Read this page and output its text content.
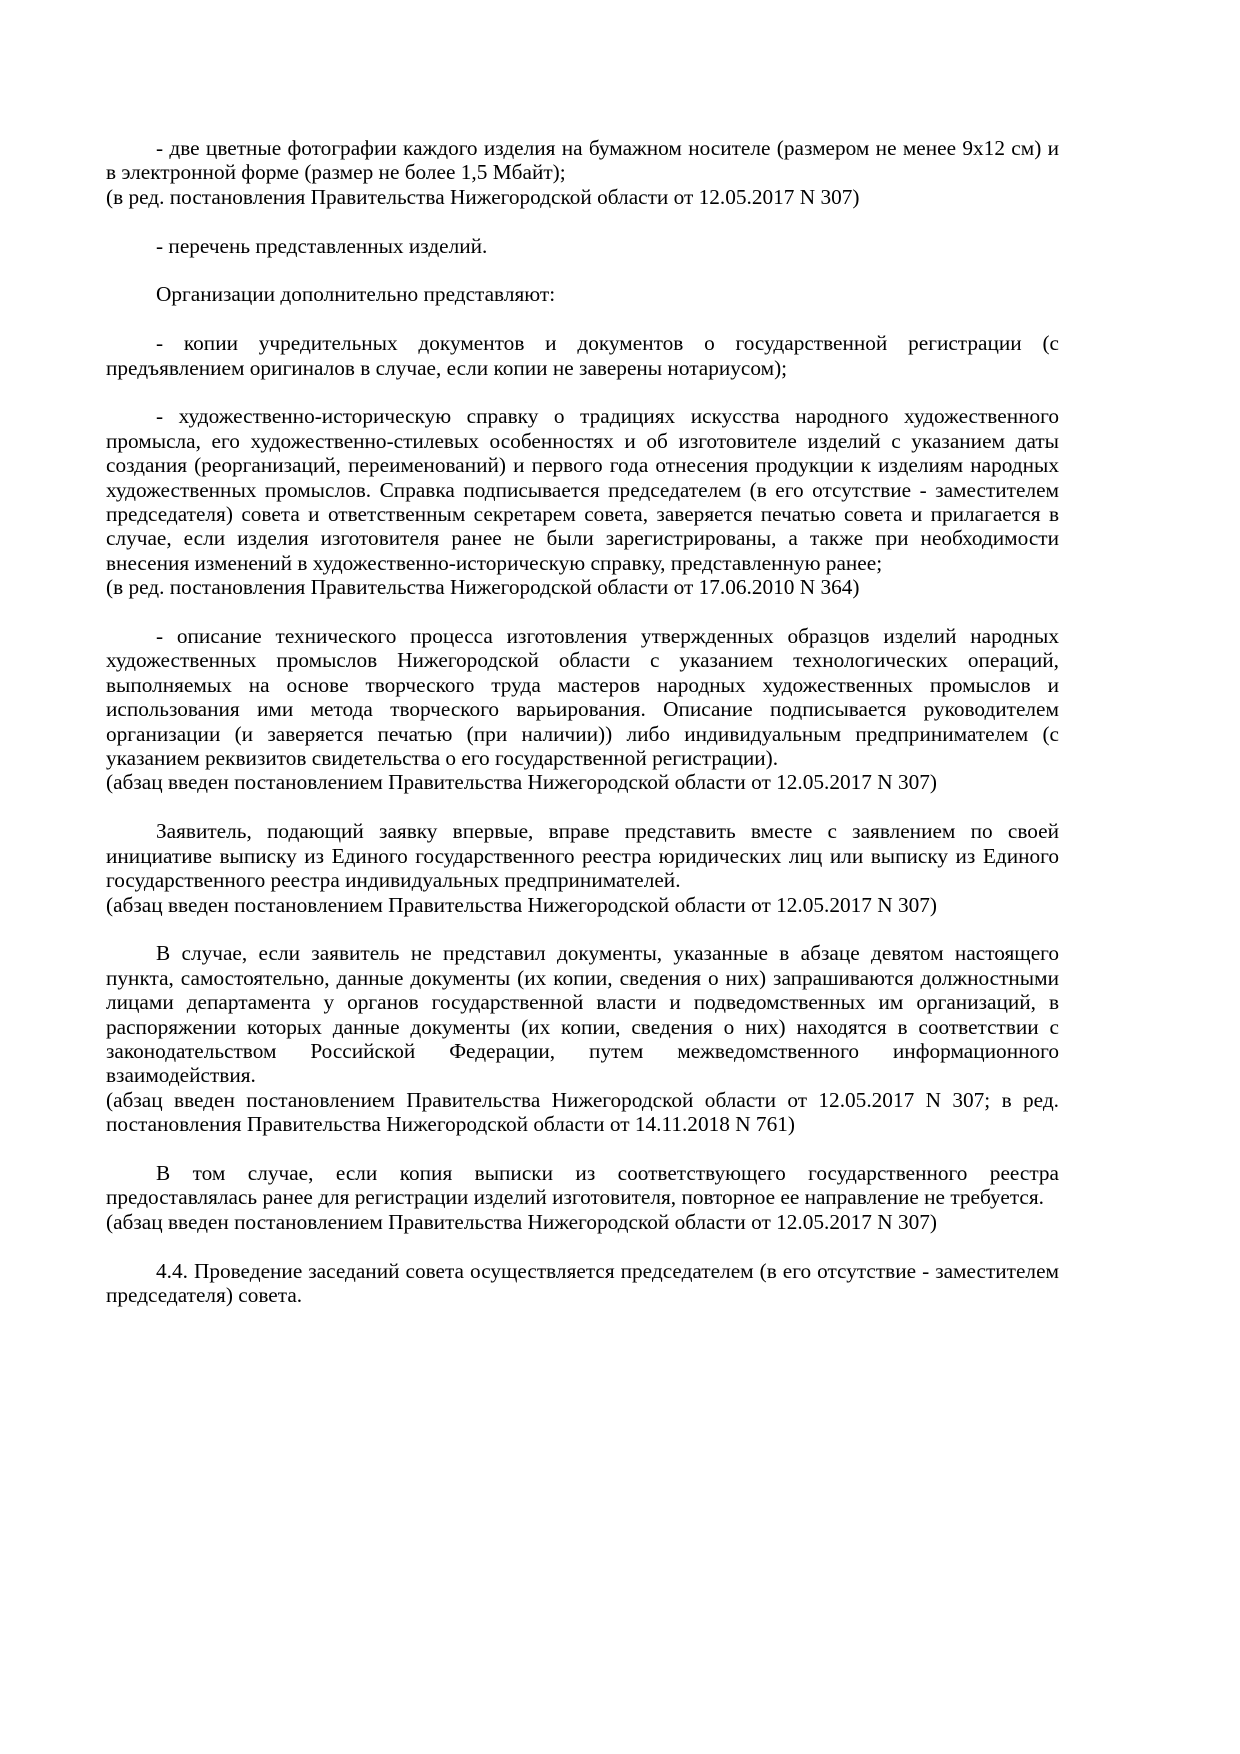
- две цветные фотографии каждого изделия на бумажном носителе (размером не менее 9x12 см) и в электронной форме (размер не более 1,5 Мбайт);

(в ред. постановления Правительства Нижегородской области от 12.05.2017 N 307)

- перечень представленных изделий.

Организации дополнительно представляют:

- копии учредительных документов и документов о государственной регистрации (с предъявлением оригиналов в случае, если копии не заверены нотариусом);

- художественно-историческую справку о традициях искусства народного художественного промысла, его художественно-стилевых особенностях и об изготовителе изделий с указанием даты создания (реорганизаций, переименований) и первого года отнесения продукции к изделиям народных художественных промыслов. Справка подписывается председателем (в его отсутствие - заместителем председателя) совета и ответственным секретарем совета, заверяется печатью совета и прилагается в случае, если изделия изготовителя ранее не были зарегистрированы, а также при необходимости внесения изменений в художественно-историческую справку, представленную ранее;

(в ред. постановления Правительства Нижегородской области от 17.06.2010 N 364)

- описание технического процесса изготовления утвержденных образцов изделий народных художественных промыслов Нижегородской области с указанием технологических операций, выполняемых на основе творческого труда мастеров народных художественных промыслов и использования ими метода творческого варьирования. Описание подписывается руководителем организации (и заверяется печатью (при наличии)) либо индивидуальным предпринимателем (с указанием реквизитов свидетельства о его государственной регистрации).

(абзац введен постановлением Правительства Нижегородской области от 12.05.2017 N 307)

Заявитель, подающий заявку впервые, вправе представить вместе с заявлением по своей инициативе выписку из Единого государственного реестра юридических лиц или выписку из Единого государственного реестра индивидуальных предпринимателей.

(абзац введен постановлением Правительства Нижегородской области от 12.05.2017 N 307)

В случае, если заявитель не представил документы, указанные в абзаце девятом настоящего пункта, самостоятельно, данные документы (их копии, сведения о них) запрашиваются должностными лицами департамента у органов государственной власти и подведомственных им организаций, в распоряжении которых данные документы (их копии, сведения о них) находятся в соответствии с законодательством Российской Федерации, путем межведомственного информационного взаимодействия.

(абзац введен постановлением Правительства Нижегородской области от 12.05.2017 N 307; в ред. постановления Правительства Нижегородской области от 14.11.2018 N 761)

В том случае, если копия выписки из соответствующего государственного реестра предоставлялась ранее для регистрации изделий изготовителя, повторное ее направление не требуется.

(абзац введен постановлением Правительства Нижегородской области от 12.05.2017 N 307)

4.4. Проведение заседаний совета осуществляется председателем (в его отсутствие - заместителем председателя) совета.
